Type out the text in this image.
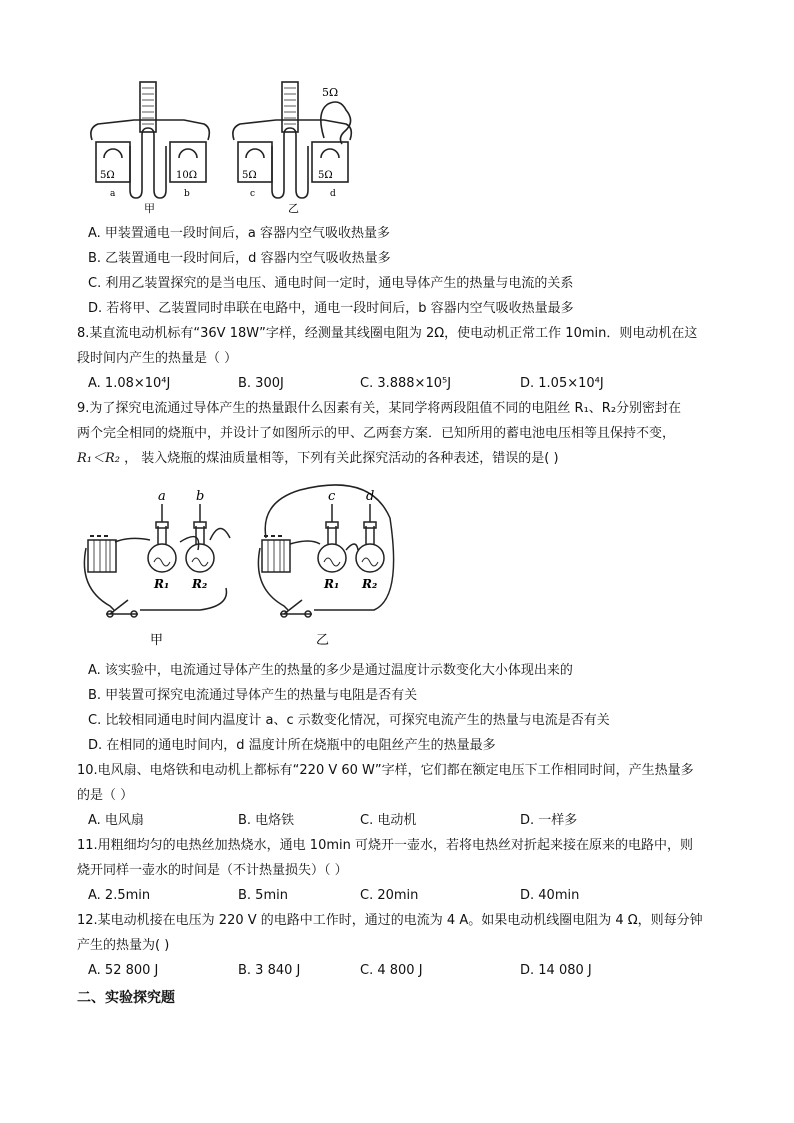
5Ω	10Ω
a	b
甲
5Ω	5Ω
5Ω
c	d
乙
A. 甲装置通电一段时间后，a 容器内空气吸收热量多
B. 乙装置通电一段时间后，d 容器内空气吸收热量多
C. 利用乙装置探究的是当电压、通电时间一定时，通电导体产生的热量与电流的关系
D. 若将甲、乙装置同时串联在电路中，通电一段时间后，b 容器内空气吸收热量最多
8.某直流电动机标有“36V 18W”字样，经测量其线圈电阻为 2Ω，使电动机正常工作 10min．则电动机在这
段时间内产生的热量是（ ）
A. 1.08×10⁴J	B. 300J	C. 3.888×10⁵J	D. 1.05×10⁴J
9.为了探究电流通过导体产生的热量跟什么因素有关，某同学将两段阻值不同的电阻丝 R₁、R₂分别密封在
两个完全相同的烧瓶中，并设计了如图所示的甲、乙两套方案．已知所用的蓄电池电压相等且保持不变，
R₁＜R₂ ， 装入烧瓶的煤油质量相等，下列有关此探究活动的各种表述，错误的是( )
a b
R₁ R₂
甲
c d
R₁ R₂
乙
A. 该实验中，电流通过导体产生的热量的多少是通过温度计示数变化大小体现出来的
B. 甲装置可探究电流通过导体产生的热量与电阻是否有关
C. 比较相同通电时间内温度计 a、c 示数变化情况，可探究电流产生的热量与电流是否有关
D. 在相同的通电时间内，d 温度计所在烧瓶中的电阻丝产生的热量最多
10.电风扇、电烙铁和电动机上都标有“220 V 60 W”字样，它们都在额定电压下工作相同时间，产生热量多
的是（ ）
A. 电风扇	B. 电烙铁	C. 电动机	D. 一样多
11.用粗细均匀的电热丝加热烧水，通电 10min 可烧开一壶水，若将电热丝对折起来接在原来的电路中，则
烧开同样一壶水的时间是（不计热量损失）（ ）
A. 2.5min	B. 5min	C. 20min	D. 40min
12.某电动机接在电压为 220 V 的电路中工作时，通过的电流为 4 A。如果电动机线圈电阻为 4 Ω，则每分钟
产生的热量为( )
A. 52 800 J	B. 3 840 J	C. 4 800 J	D. 14 080 J
二、实验探究题
